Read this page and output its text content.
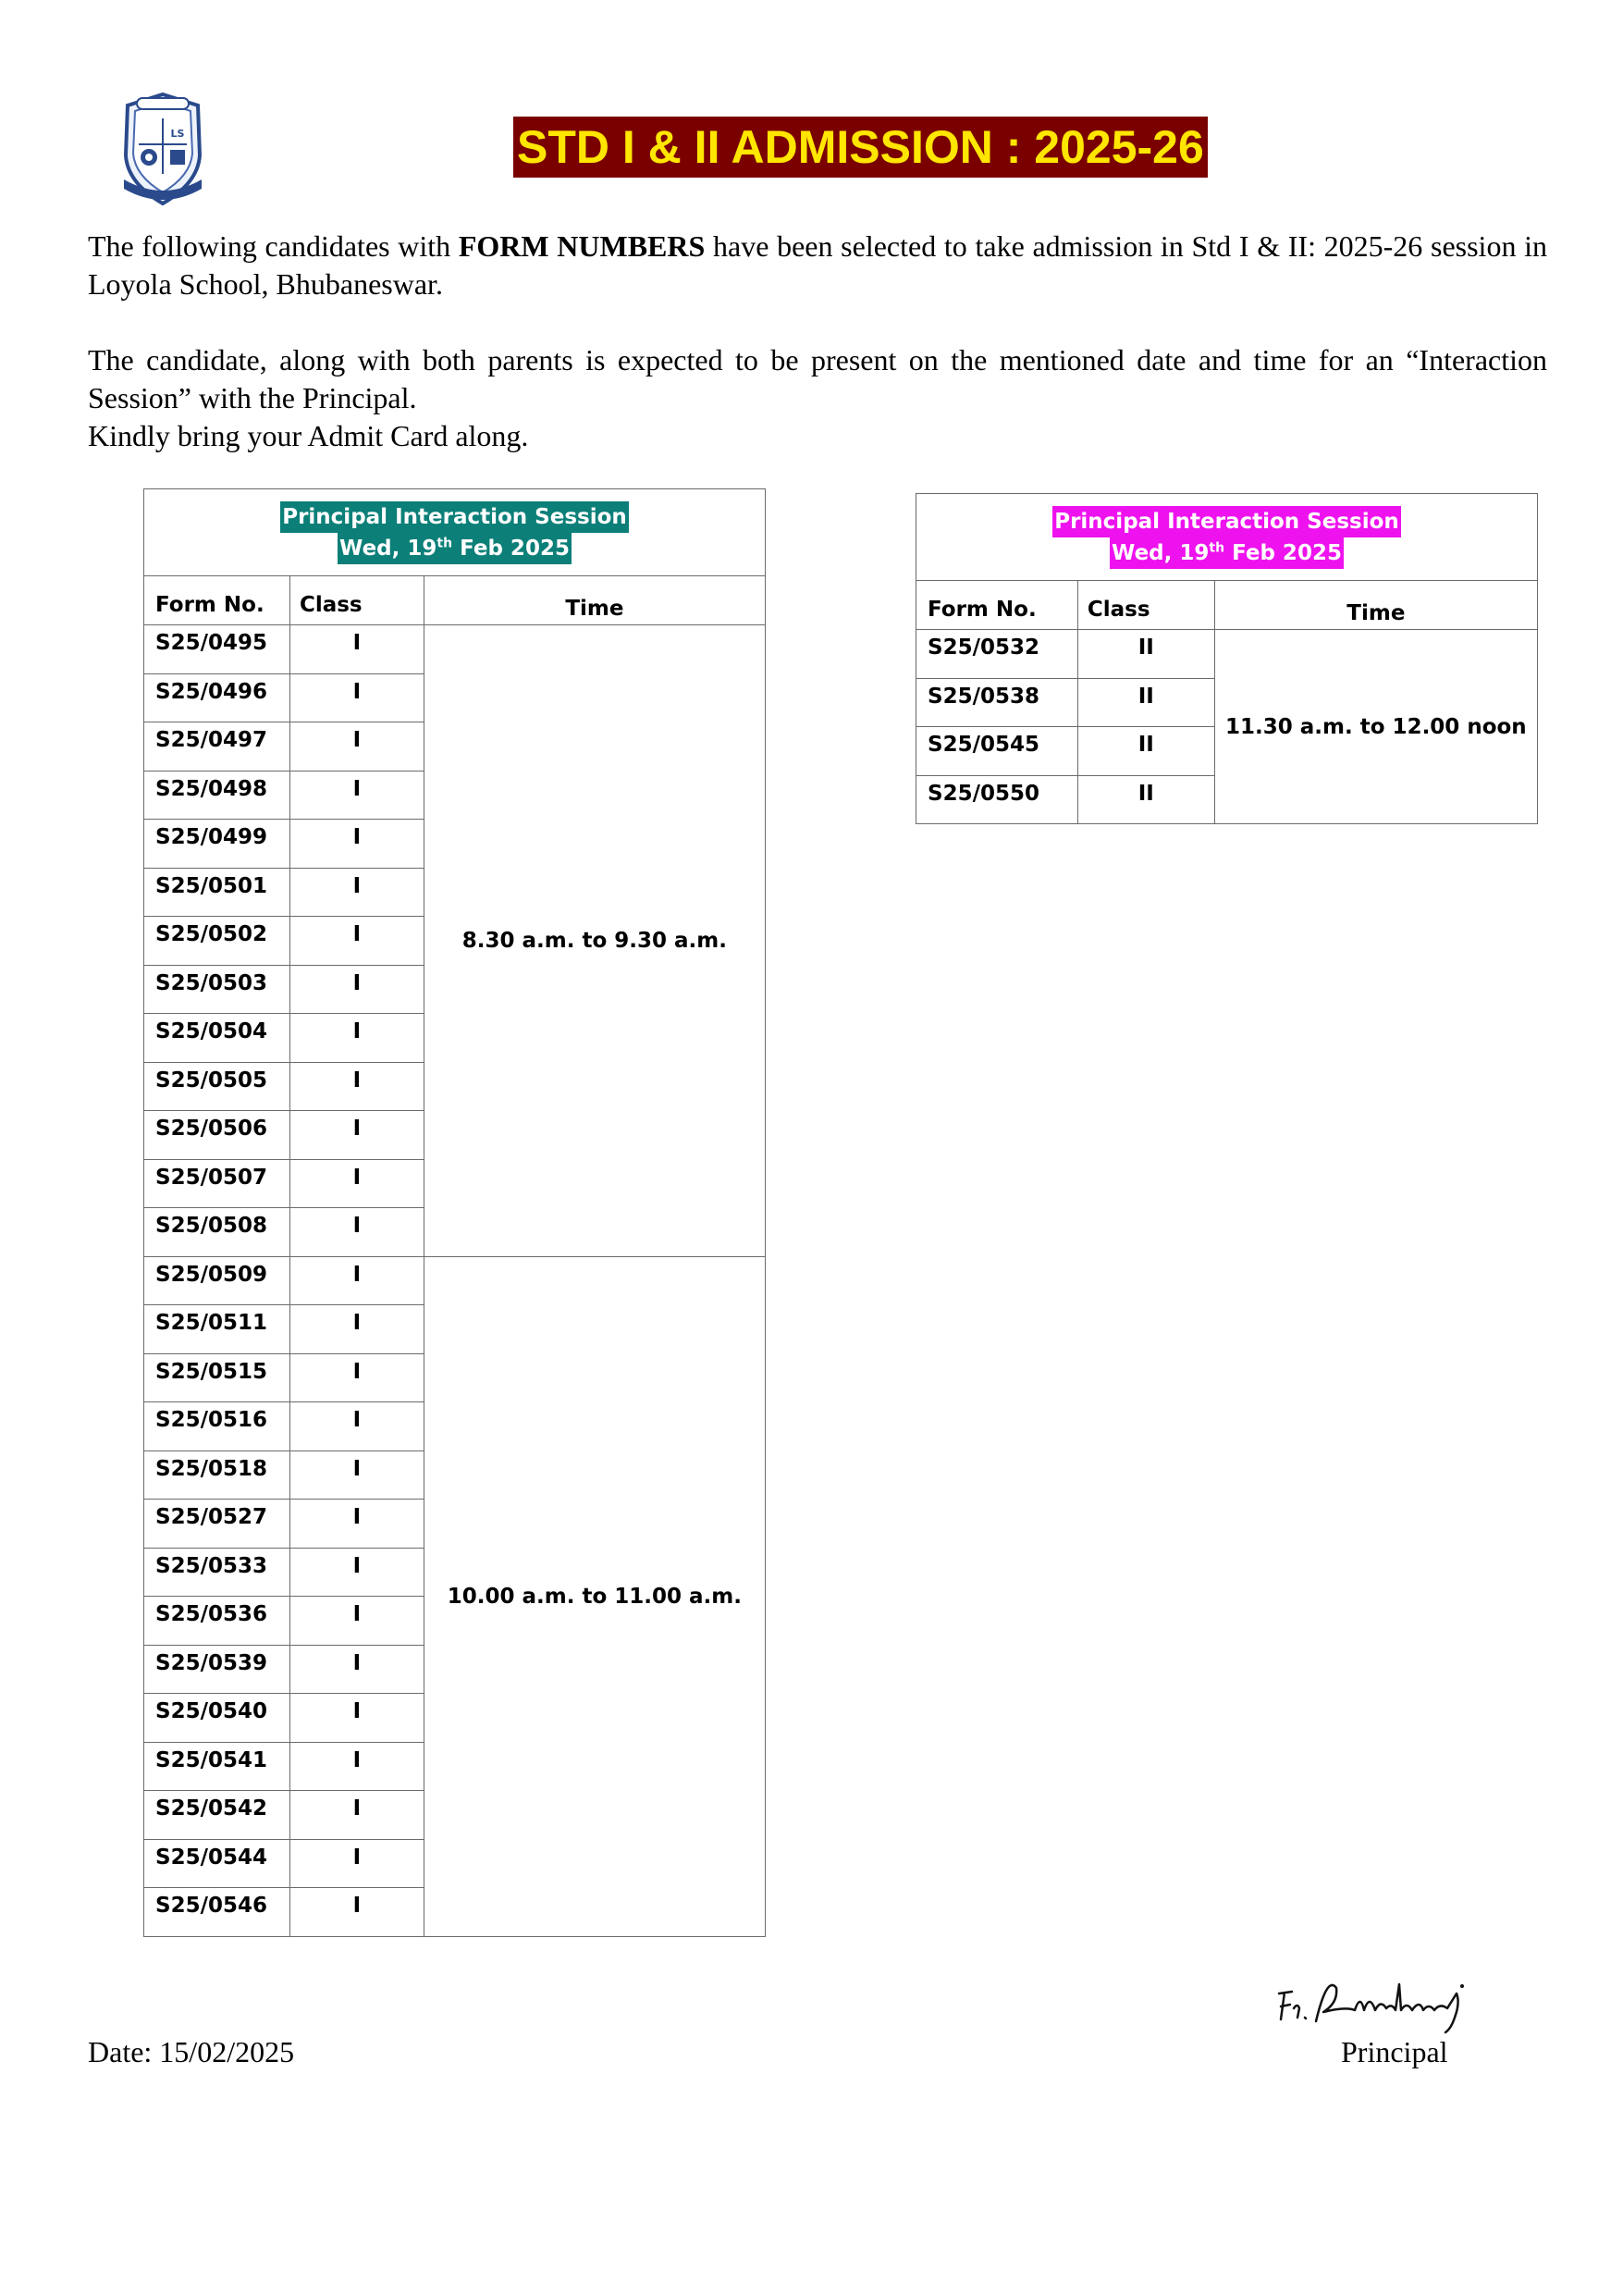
LS	STD I & II ADMISSION : 2025-26

The following candidates with FORM NUMBERS have been selected to take admission in Std I & II: 2025-26 session in Loyola School, Bhubaneswar.

The candidate, along with both parents is expected to be present on the mentioned date and time for an “Interaction Session” with the Principal.
Kindly bring your Admit Card along.

Principal Interaction Session
Wed, 19th Feb 2025		
Form No.	Class	Time
S25/0495	I	8.30 a.m. to 9.30 a.m.
S25/0496	I	
S25/0497	I	
S25/0498	I	
S25/0499	I	
S25/0501	I	
S25/0502	I	
S25/0503	I	
S25/0504	I	
S25/0505	I	
S25/0506	I	
S25/0507	I	
S25/0508	I	
S25/0509	I	10.00 a.m. to 11.00 a.m.
S25/0511	I	
S25/0515	I	
S25/0516	I	
S25/0518	I	
S25/0527	I	
S25/0533	I	
S25/0536	I	
S25/0539	I	
S25/0540	I	
S25/0541	I	
S25/0542	I	
S25/0544	I	
S25/0546	I	
Principal Interaction Session
Wed, 19th Feb 2025		
Form No.	Class	Time
S25/0532	II	11.30 a.m. to 12.00 noon
S25/0538	II	
S25/0545	II	
S25/0550	II	
Date: 15/02/2025	Principal
